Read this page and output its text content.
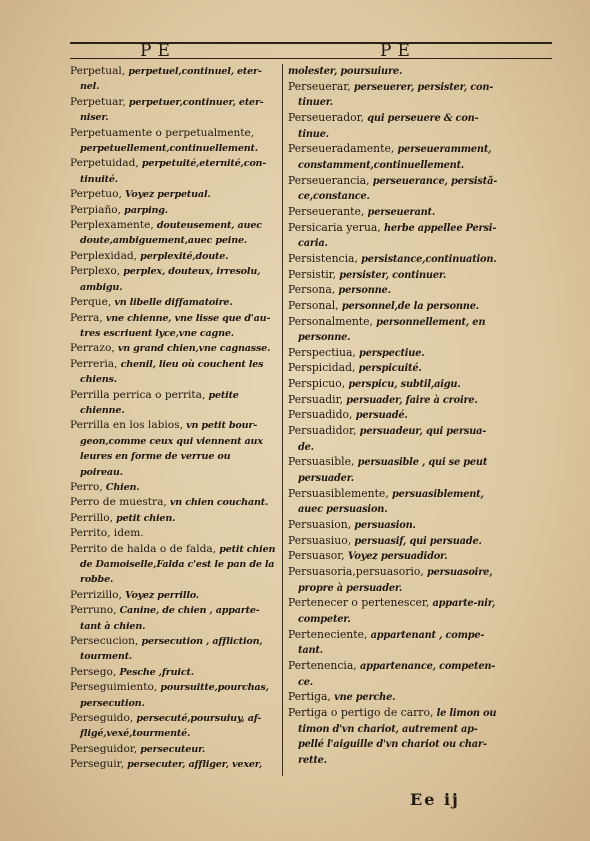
PE	PE
Perpetual, perpetuel,continuel, eter-nel.
Perpetuar, perpetuer,continuer, eter-niser.
Perpetuamente o perpetualmente, perpetuellement,continuellement.
Perpetuidad, perpetuité,eternité,con-tinuité.
Perpetuo, Voyez perpetual.
Perpiaño, parping.
Perplexamente, douteusement, auec doute,ambiguement,auec peine.
Perplexidad, perplexité,doute.
Perplexo, perplex, douteux, irresolu, ambigu.
Perque, vn libelle diffamatoire.
Perra, vne chienne, vne lisse que d'au-tres escriuent lyce,vne cagne.
Perrazo, vn grand chien,vne cagnasse.
Perreria, chenil, lieu où couchent les chiens.
Perrilla perrica o perrita, petite chienne.
Perrilla en los labios, vn petit bour-geon,comme ceux qui viennent aux leures en forme de verrue ou poireau.
Perro, Chien.
Perro de muestra, vn chien couchant.
Perrillo, petit chien.
Perrito, idem.
Perrito de halda o de falda, petit chien de Damoiselle,Falda c'est le pan de la robbe.
Perrizillo, Voyez perrillo.
Perruno, Canine, de chien , apparte-tant à chien.
Persecucion, persecution , affliction, tourment.
Persego, Pesche ,fruict.
Perseguimiento, poursuitte,pourchas, persecution.
Perseguido, persecuté,poursuiuy, af-fligé,vexé,tourmenté.
Perseguidor, persecuteur.
Perseguir, persecuter, affliger, vexer,
molester, poursuiure.
Perseuerar, perseuerer, persister, con-tinuer.
Perseuerador, qui perseuere & con-tinue.
Perseueradamente, perseueramment, constamment,continuellement.
Perseuerancia, perseuerance, persistã-ce,constance.
Perseuerante, perseuerant.
Persicaria yerua, herbe appellee Persi-caria.
Persistencia, persistance,continuation.
Persistir, persister, continuer.
Persona, personne.
Personal, personnel,de la personne.
Personalmente, personnellement, en personne.
Perspectiua, perspectiue.
Perspicidad, perspicuité.
Perspicuo, perspicu, subtil,aigu.
Persuadir, persuader, faire à croire.
Persuadido, persuadé.
Persuadidor, persuadeur, qui persua-de.
Persuasible, persuasible , qui se peut persuader.
Persuasiblemente, persuasiblement, auec persuasion.
Persuasion, persuasion.
Persuasiuo, persuasif, qui persuade.
Persuasor, Voyez persuadidor.
Persuasoria,persuasorio, persuasoire, propre à persuader.
Pertenecer o pertenescer, apparte-nir, competer.
Perteneciente, appartenant , compe-tant.
Pertenencia, appartenance, competen-ce.
Pertiga, vne perche.
Pertiga o pertigo de carro, le limon ou timon d'vn chariot, autrement ap-pellé l'aiguille d'vn chariot ou char-rette.
Ee ij
